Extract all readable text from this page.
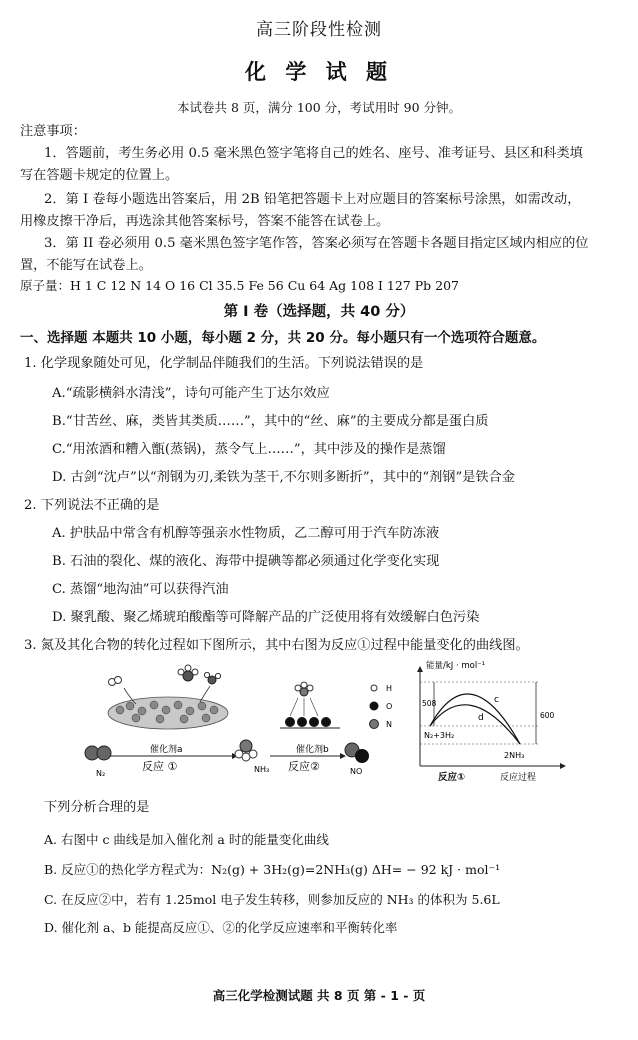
高三阶段性检测
化 学 试 题
本试卷共 8 页，满分 100 分，考试用时 90 分钟。
注意事项：
1．答题前，考生务必用 0.5 毫米黑色签字笔将自己的姓名、座号、准考证号、县区和科类填
写在答题卡规定的位置上。
2．第 I 卷每小题选出答案后，用 2B 铅笔把答题卡上对应题目的答案标号涂黑，如需改动，
用橡皮擦干净后，再选涂其他答案标号，答案不能答在试卷上。
3．第 II 卷必须用 0.5 毫米黑色签字笔作答，答案必须写在答题卡各题目指定区域内相应的位
置，不能写在试卷上。
原子量：H 1 C 12 N 14 O 16 Cl 35.5 Fe 56 Cu 64 Ag 108 I 127 Pb 207
第 I 卷（选择题，共 40 分）
一、选择题 本题共 10 小题，每小题 2 分，共 20 分。每小题只有一个选项符合题意。
1. 化学现象随处可见，化学制品伴随我们的生活。下列说法错误的是
A.“疏影横斜水清浅”，诗句可能产生丁达尔效应
B.“甘苦丝、麻，类皆其类质……”，其中的“丝、麻”的主要成分都是蛋白质
C.“用浓酒和糟入甑(蒸锅)，蒸令气上……”，其中涉及的操作是蒸馏
D. 古剑“沈卢”以“剂钢为刃,柔铁为茎干,不尔则多断折”，其中的“剂钢”是铁合金
2. 下列说法不正确的是
A. 护肤品中常含有机醇等强亲水性物质，乙二醇可用于汽车防冻液
B. 石油的裂化、煤的液化、海带中提碘等都必须通过化学变化实现
C. 蒸馏“地沟油”可以获得汽油
D. 聚乳酸、聚乙烯琥珀酸酯等可降解产品的广泛使用将有效缓解白色污染
3. 氮及其化合物的转化过程如下图所示，其中右图为反应①过程中能量变化的曲线图。
催化剂a
反应 ①
N₂	NH₃
催化剂b
反应②	NO
H
O
N
能量/kJ · mol⁻¹
508
600
c
d
N₂+3H₂
2NH₃
反应①	反应过程
下列分析合理的是
A. 右图中 c 曲线是加入催化剂 a 时的能量变化曲线
B. 反应①的热化学方程式为：N₂(g) + 3H₂(g)=2NH₃(g) ΔH= − 92 kJ · mol⁻¹
C. 在反应②中，若有 1.25mol 电子发生转移，则参加反应的 NH₃ 的体积为 5.6L
D. 催化剂 a、b 能提高反应①、②的化学反应速率和平衡转化率
高三化学检测试题 共 8 页 第 - 1 - 页
